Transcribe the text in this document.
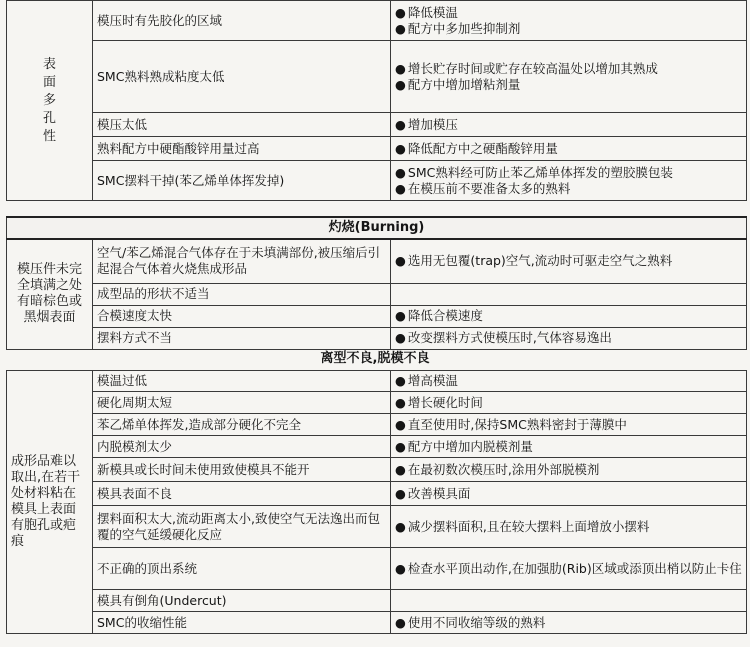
表
面
多
孔
性	模压时有先胶化的区域	● 降低模温
● 配方中多加些抑制剂

	SMC熟料熟成粘度太低	● 增长贮存时间或贮存在较高温处以增加其熟成
● 配方中增加增粘剂量

	模压太低	● 增加模压

	熟料配方中硬酯酸锌用量过高	● 降低配方中之硬酯酸锌用量

	SMC摆料干掉(苯乙烯单体挥发掉)	● SMC熟料经可防止苯乙烯单体挥发的塑胶膜包装
● 在模压前不要准备太多的熟料
灼烧(Burning)		
模压件未完全填满之处有暗棕色或黑烟表面	空气/苯乙烯混合气体存在于未填满部份,被压缩后引起混合气体着火烧焦成形品	● 选用无包覆(trap)空气,流动时可驱走空气之熟料

	成型品的形状不适当	
	合模速度太快	● 降低合模速度

	摆料方式不当	● 改变摆料方式使模压时,气体容易逸出
离型不良,脱模不良
成形品难以取出,在若干处材料粘在模具上表面有胞孔或疤痕	模温过低	● 增高模温

	硬化周期太短	● 增长硬化时间

	苯乙烯单体挥发,造成部分硬化不完全	● 直至使用时,保持SMC熟料密封于薄膜中

	内脱模剂太少	● 配方中增加内脱模剂量

	新模具或长时间未使用致使模具不能开	● 在最初数次模压时,涂用外部脱模剂

	模具表面不良	● 改善模具面

	摆料面积太大,流动距离太小,致使空气无法逸出而包覆的空气延缓硬化反应	● 减少摆料面积,且在较大摆料上面增放小摆料

	不正确的顶出系统	● 检查水平顶出动作,在加强肋(Rib)区域或添顶出梢以防止卡住

	模具有倒角(Undercut)	
	SMC的收缩性能	● 使用不同收缩等级的熟料
